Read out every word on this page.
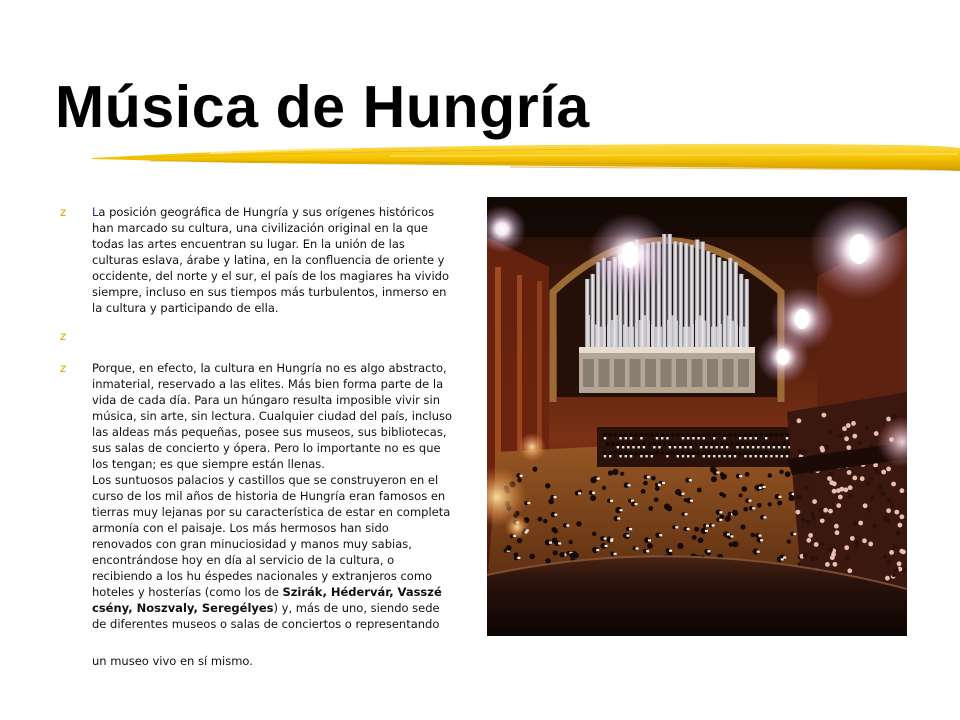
Música de Hungría
z	La posición geográfica de Hungría y sus orígenes históricos
han marcado su cultura, una civilización original en la que
todas las artes encuentran su lugar. En la unión de las
culturas eslava, árabe y latina, en la confluencia de oriente y
occidente, del norte y el sur, el país de los magiares ha vivido
siempre, incluso en sus tiempos más turbulentos, inmerso en
la cultura y participando de ella.
z
z	Porque, en efecto, la cultura en Hungría no es algo abstracto,
inmaterial, reservado a las elites. Más bien forma parte de la
vida de cada día. Para un húngaro resulta imposible vivir sin
música, sin arte, sin lectura. Cualquier ciudad del país, incluso
las aldeas más pequeñas, posee sus museos, sus bibliotecas,
sus salas de concierto y ópera. Pero lo importante no es que
los tengan; es que siempre están llenas.
Los suntuosos palacios y castillos que se construyeron en el
curso de los mil años de historia de Hungría eran famosos en
tierras muy lejanas por su característica de estar en completa
armonía con el paisaje. Los más hermosos han sido
renovados con gran minuciosidad y manos muy sabias,
encontrándose hoy en día al servicio de la cultura, o
recibiendo a los hu éspedes nacionales y extranjeros como
hoteles y hosterías (como los de Szirák, Hédervár, Vasszé
csény, Noszvaly, Seregélyes) y, más de uno, siendo sede
de diferentes museos o salas de conciertos o representando
un museo vivo en sí mismo.
